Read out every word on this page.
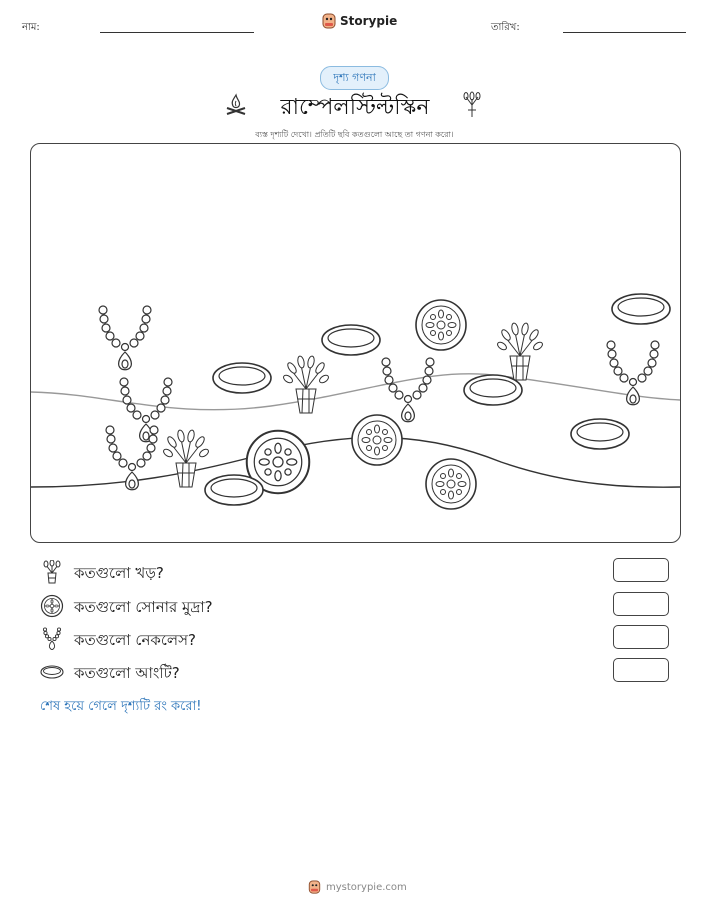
নাম:	Storypie	তারিখ:
দৃশ্য গণনা
রাম্পেলস্টিল্টস্কিন
ব্যস্ত দৃশ্যটি দেখো। প্রতিটি ছবি কতগুলো আছে তা গণনা করো।
কতগুলো খড়?
কতগুলো সোনার মুদ্রা?
কতগুলো নেকলেস?
কতগুলো আংটি?
শেষ হয়ে গেলে দৃশ্যটি রং করো!
mystorypie.com
